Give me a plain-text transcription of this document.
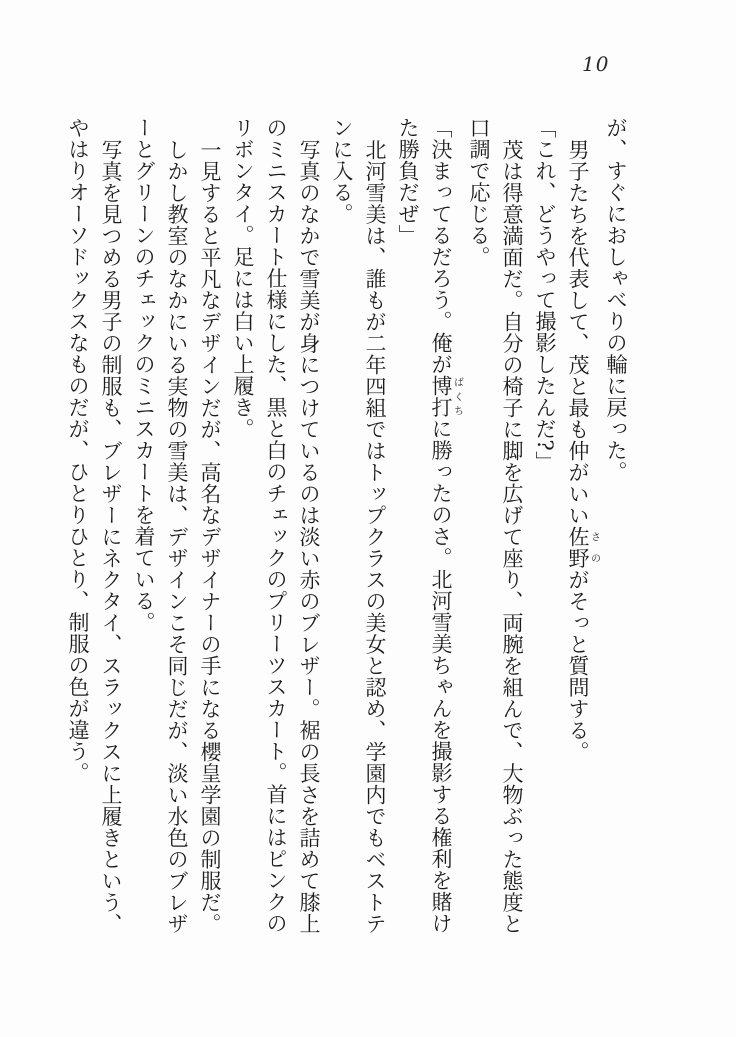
10
が、すぐにおしゃべりの輪に戻った。
男子たちを代表して、茂と最も仲がいい佐野さのがそっと質問する。
「これ、どうやって撮影したんだ?」
茂は得意満面だ。自分の椅子に脚を広げて座り、両腕を組んで、大物ぶった態度と
口調で応じる。
「決まってるだろう。俺が博打ばくちに勝ったのさ。北河雪美ちゃんを撮影する権利を賭け
た勝負だぜ」
北河雪美は、誰もが二年四組ではトップクラスの美女と認め、学園内でもベストテ
ンに入る。
写真のなかで雪美が身につけているのは淡い赤のブレザー。裾の長さを詰めて膝上
のミニスカート仕様にした、黒と白のチェックのプリーツスカート。首にはピンクの
リボンタイ。足には白い上履き。
一見すると平凡なデザインだが、高名なデザイナーの手になる櫻皇学園の制服だ。
しかし教室のなかにいる実物の雪美は、デザインこそ同じだが、淡い水色のブレザ
ーとグリーンのチェックのミニスカートを着ている。
写真を見つめる男子の制服も、ブレザーにネクタイ、スラックスに上履きという、
やはりオーソドックスなものだが、ひとりひとり、制服の色が違う。
